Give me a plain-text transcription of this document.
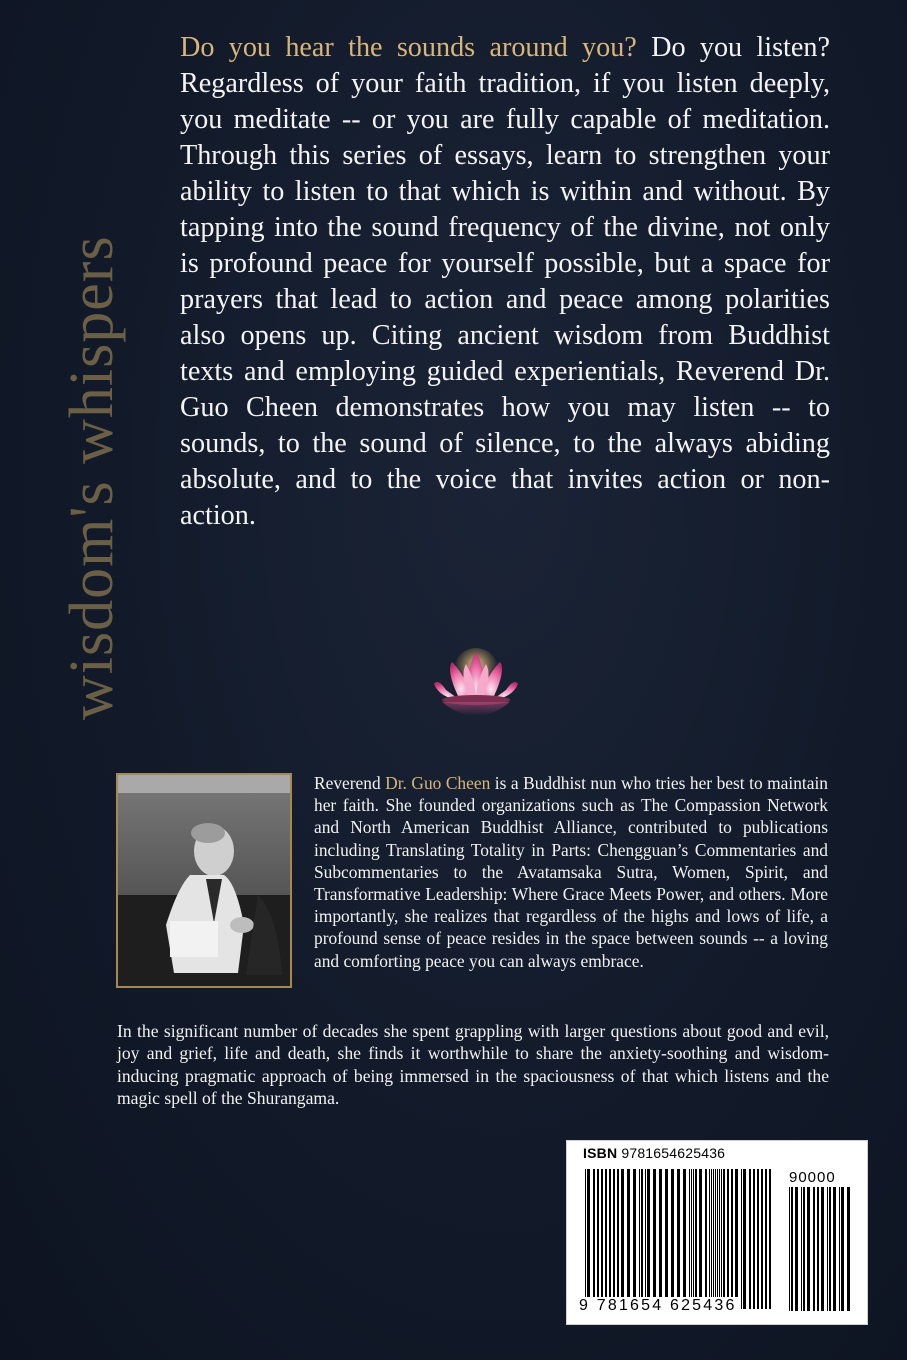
wisdom's whispers
Do you hear the sounds around you? Do you listen? Regardless of your faith tradition, if you listen deeply, you meditate -- or you are fully capable of meditation. Through this series of essays, learn to strengthen your ability to listen to that which is within and without. By tapping into the sound frequency of the divine, not only is profound peace for yourself possible, but a space for prayers that lead to action and peace among polarities also opens up. Citing ancient wisdom from Buddhist texts and employing guided experientials, Reverend Dr. Guo Cheen demonstrates how you may listen -- to sounds, to the sound of silence, to the always abiding absolute, and to the voice that invites action or non-action.
Reverend Dr. Guo Cheen is a Buddhist nun who tries her best to maintain her faith. She founded organizations such as The Compassion Network and North American Buddhist Alliance, contributed to publications including Translating Totality in Parts: Chengguan’s Commentaries and Subcommentaries to the Avatamsaka Sutra, Women, Spirit, and Transformative Leadership: Where Grace Meets Power, and others. More importantly, she realizes that regardless of the highs and lows of life, a profound sense of peace resides in the space between sounds -- a loving and comforting peace you can always embrace.
In the significant number of decades she spent grappling with larger questions about good and evil, joy and grief, life and death, she finds it worthwhile to share the anxiety-soothing and wisdom-inducing pragmatic approach of being immersed in the spaciousness of that which listens and the magic spell of the Shurangama.
ISBN 9781654625436
90000
9 781654 625436
